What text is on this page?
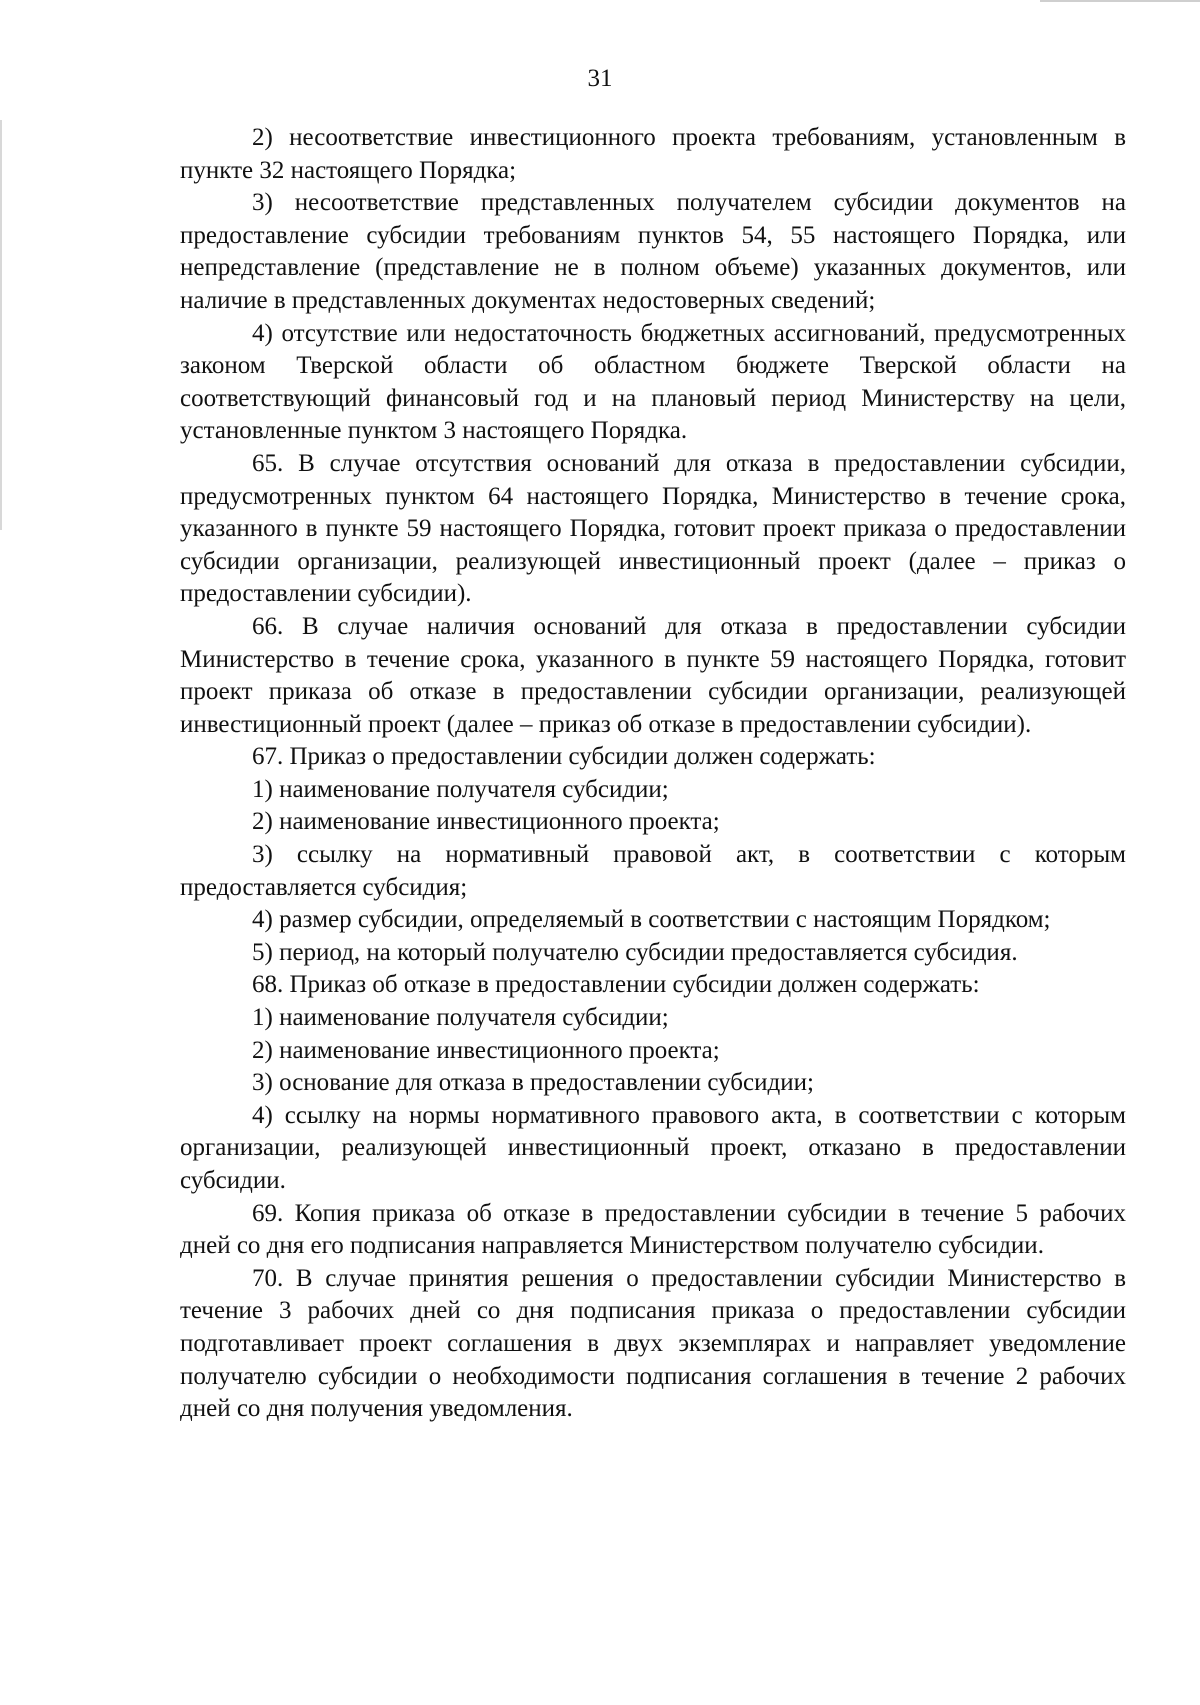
31

2) несоответствие инвестиционного проекта требованиям, установленным в пункте 32 настоящего Порядка;

3) несоответствие представленных получателем субсидии документов на предоставление субсидии требованиям пунктов 54, 55 настоящего Порядка, или непредставление (представление не в полном объеме) указанных документов, или наличие в представленных документах недостоверных сведений;

4) отсутствие или недостаточность бюджетных ассигнований, предусмотренных законом Тверской области об областном бюджете Тверской области на соответствующий финансовый год и на плановый период Министерству на цели, установленные пунктом 3 настоящего Порядка.

65. В случае отсутствия оснований для отказа в предоставлении субсидии, предусмотренных пунктом 64 настоящего Порядка, Министерство в течение срока, указанного в пункте 59 настоящего Порядка, готовит проект приказа о предоставлении субсидии организации, реализующей инвестиционный проект (далее – приказ о предоставлении субсидии).

66. В случае наличия оснований для отказа в предоставлении субсидии Министерство в течение срока, указанного в пункте 59 настоящего Порядка, готовит проект приказа об отказе в предоставлении субсидии организации, реализующей инвестиционный проект (далее – приказ об отказе в предоставлении субсидии).

67. Приказ о предоставлении субсидии должен содержать:

1) наименование получателя субсидии;

2) наименование инвестиционного проекта;

3) ссылку на нормативный правовой акт, в соответствии с которым предоставляется субсидия;

4) размер субсидии, определяемый в соответствии с настоящим Порядком;

5) период, на который получателю субсидии предоставляется субсидия.

68. Приказ об отказе в предоставлении субсидии должен содержать:

1) наименование получателя субсидии;

2) наименование инвестиционного проекта;

3) основание для отказа в предоставлении субсидии;

4) ссылку на нормы нормативного правового акта, в соответствии с которым организации, реализующей инвестиционный проект, отказано в предоставлении субсидии.

69. Копия приказа об отказе в предоставлении субсидии в течение 5 рабочих дней со дня его подписания направляется Министерством получателю субсидии.

70. В случае принятия решения о предоставлении субсидии Министерство в течение 3 рабочих дней со дня подписания приказа о предоставлении субсидии подготавливает проект соглашения в двух экземплярах и направляет уведомление получателю субсидии о необходимости подписания соглашения в течение 2 рабочих дней со дня получения уведомления.
